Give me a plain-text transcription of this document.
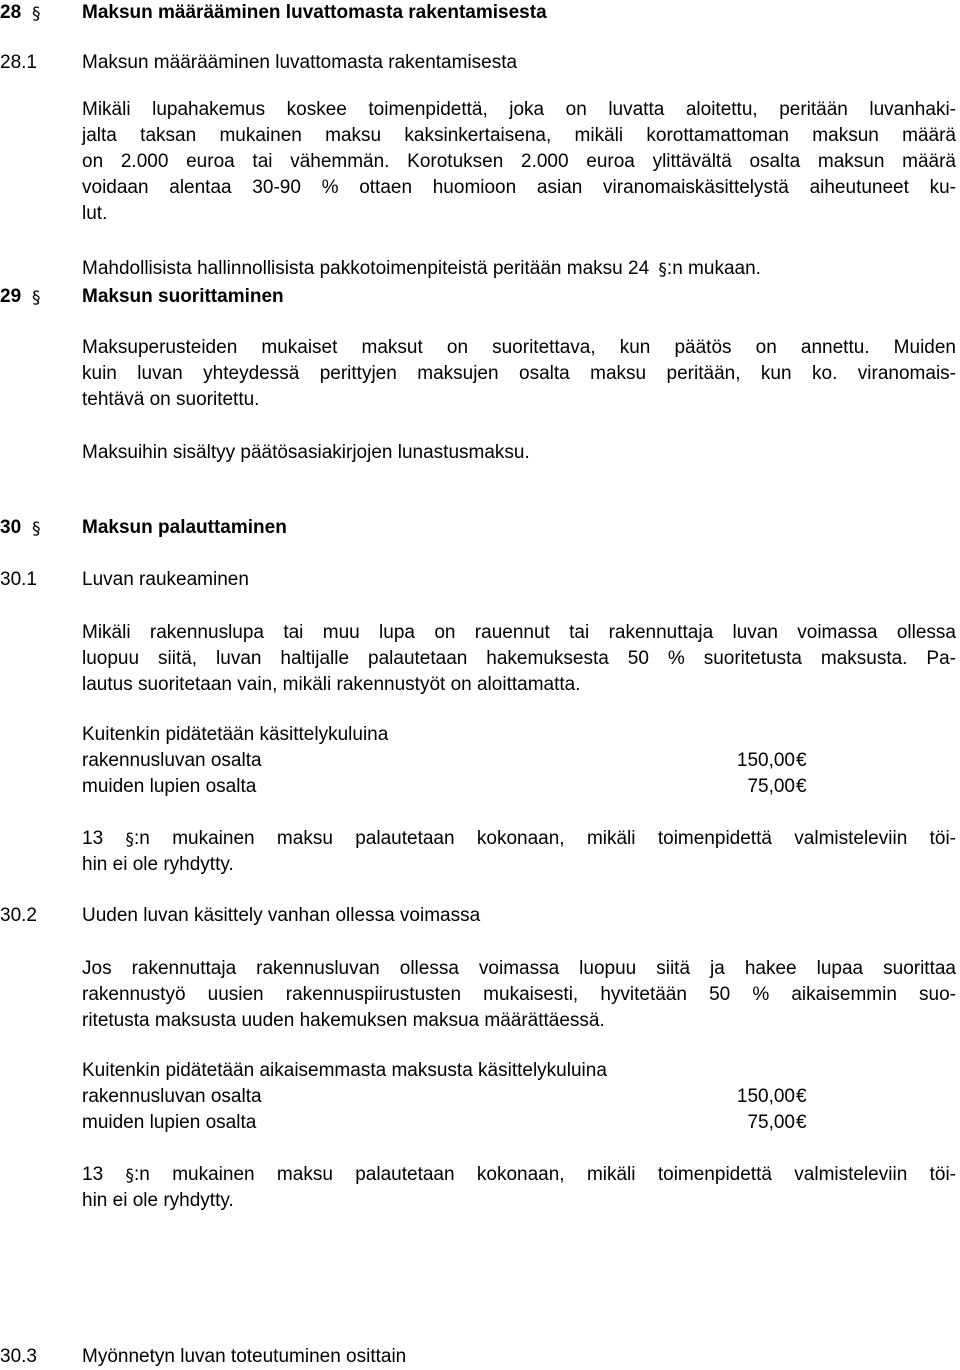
28 § Maksun määrääminen luvattomasta rakentamisesta
28.1 Maksun määrääminen luvattomasta rakentamisesta
Mikäli lupahakemus koskee toimenpidettä, joka on luvatta aloitettu, peritään luvanhaki-
jalta taksan mukainen maksu kaksinkertaisena, mikäli korottamattoman maksun määrä
on 2.000 euroa tai vähemmän. Korotuksen 2.000 euroa ylittävältä osalta maksun määrä
voidaan alentaa 30-90 % ottaen huomioon asian viranomaiskäsittelystä aiheutuneet ku-
lut.
Mahdollisista hallinnollisista pakkotoimenpiteistä peritään maksu 24 §:n mukaan.
29 § Maksun suorittaminen
Maksuperusteiden mukaiset maksut on suoritettava, kun päätös on annettu. Muiden
kuin luvan yhteydessä perittyjen maksujen osalta maksu peritään, kun ko. viranomais-
tehtävä on suoritettu.
Maksuihin sisältyy päätösasiakirjojen lunastusmaksu.
30 § Maksun palauttaminen
30.1 Luvan raukeaminen
Mikäli rakennuslupa tai muu lupa on rauennut tai rakennuttaja luvan voimassa ollessa
luopuu siitä, luvan haltijalle palautetaan hakemuksesta 50 % suoritetusta maksusta. Pa-
lautus suoritetaan vain, mikäli rakennustyöt on aloittamatta.
Kuitenkin pidätetään käsittelykuluina
rakennusluvan osalta	150,00 €
muiden lupien osalta	75,00 €
13 §:n mukainen maksu palautetaan kokonaan, mikäli toimenpidettä valmisteleviin töi-
hin ei ole ryhdytty.
30.2 Uuden luvan käsittely vanhan ollessa voimassa
Jos rakennuttaja rakennusluvan ollessa voimassa luopuu siitä ja hakee lupaa suorittaa
rakennustyö uusien rakennuspiirustusten mukaisesti, hyvitetään 50 % aikaisemmin suo-
ritetusta maksusta uuden hakemuksen maksua määrättäessä.
Kuitenkin pidätetään aikaisemmasta maksusta käsittelykuluina
rakennusluvan osalta	150,00 €
muiden lupien osalta	75,00 €
13 §:n mukainen maksu palautetaan kokonaan, mikäli toimenpidettä valmisteleviin töi-
hin ei ole ryhdytty.
30.3 Myönnetyn luvan toteutuminen osittain
